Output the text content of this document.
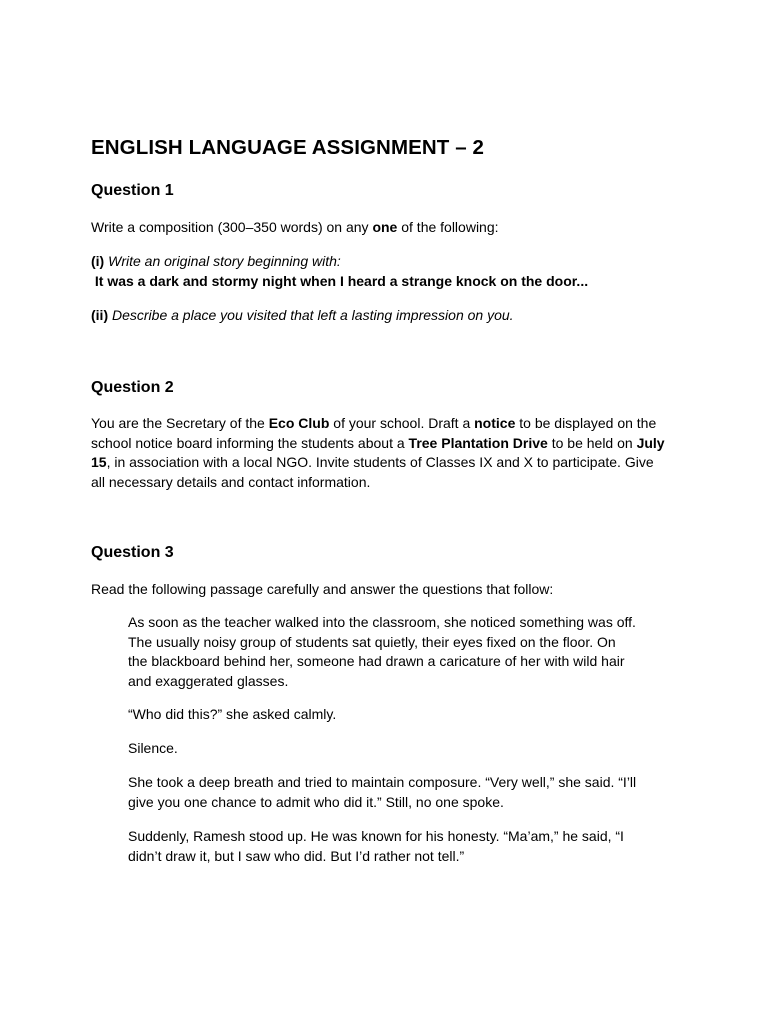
ENGLISH LANGUAGE ASSIGNMENT – 2
Question 1

Write a composition (300–350 words) on any one of the following:

(i) Write an original story beginning with:
It was a dark and stormy night when I heard a strange knock on the door...

(ii) Describe a place you visited that left a lasting impression on you.

Question 2

You are the Secretary of the Eco Club of your school. Draft a notice to be displayed on the school notice board informing the students about a Tree Plantation Drive to be held on July 15, in association with a local NGO. Invite students of Classes IX and X to participate. Give all necessary details and contact information.

Question 3

Read the following passage carefully and answer the questions that follow:

As soon as the teacher walked into the classroom, she noticed something was off. The usually noisy group of students sat quietly, their eyes fixed on the floor. On the blackboard behind her, someone had drawn a caricature of her with wild hair and exaggerated glasses.

“Who did this?” she asked calmly.

Silence.

She took a deep breath and tried to maintain composure. “Very well,” she said. “I’ll give you one chance to admit who did it.” Still, no one spoke.

Suddenly, Ramesh stood up. He was known for his honesty. “Ma’am,” he said, “I didn’t draw it, but I saw who did. But I’d rather not tell.”
